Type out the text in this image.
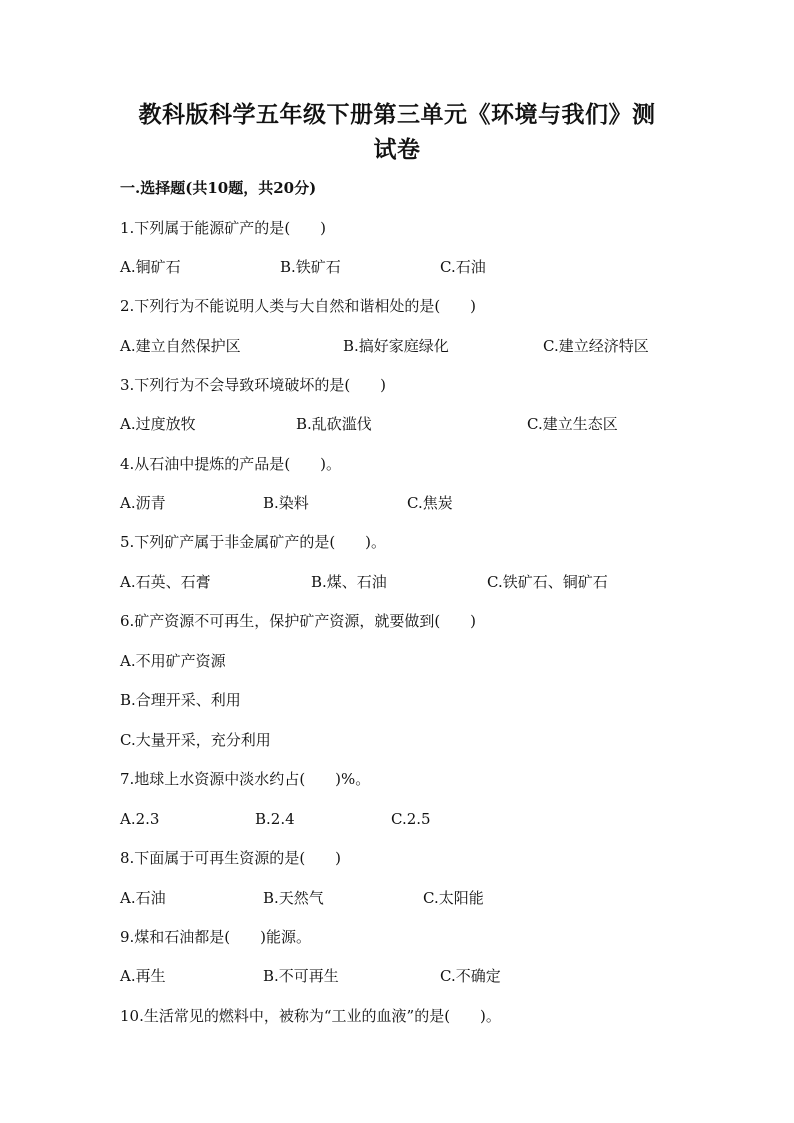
教科版科学五年级下册第三单元《环境与我们》测
试卷
一.选择题(共10题，共20分)
1.下列属于能源矿产的是(　　)
A.铜矿石	B.铁矿石	C.石油
2.下列行为不能说明人类与大自然和谐相处的是(　　)
A.建立自然保护区	B.搞好家庭绿化	C.建立经济特区
3.下列行为不会导致环境破坏的是(　　)
A.过度放牧	B.乱砍滥伐	C.建立生态区
4.从石油中提炼的产品是(　　)。
A.沥青	B.染料	C.焦炭
5.下列矿产属于非金属矿产的是(　　)。
A.石英、石膏	B.煤、石油	C.铁矿石、铜矿石
6.矿产资源不可再生，保护矿产资源，就要做到(　　)
A.不用矿产资源
B.合理开采、利用
C.大量开采，充分利用
7.地球上水资源中淡水约占(　　)%。
A.2.3	B.2.4	C.2.5
8.下面属于可再生资源的是(　　)
A.石油	B.天然气	C.太阳能
9.煤和石油都是(　　)能源。
A.再生	B.不可再生	C.不确定
10.生活常见的燃料中，被称为“工业的血液”的是(　　)。
